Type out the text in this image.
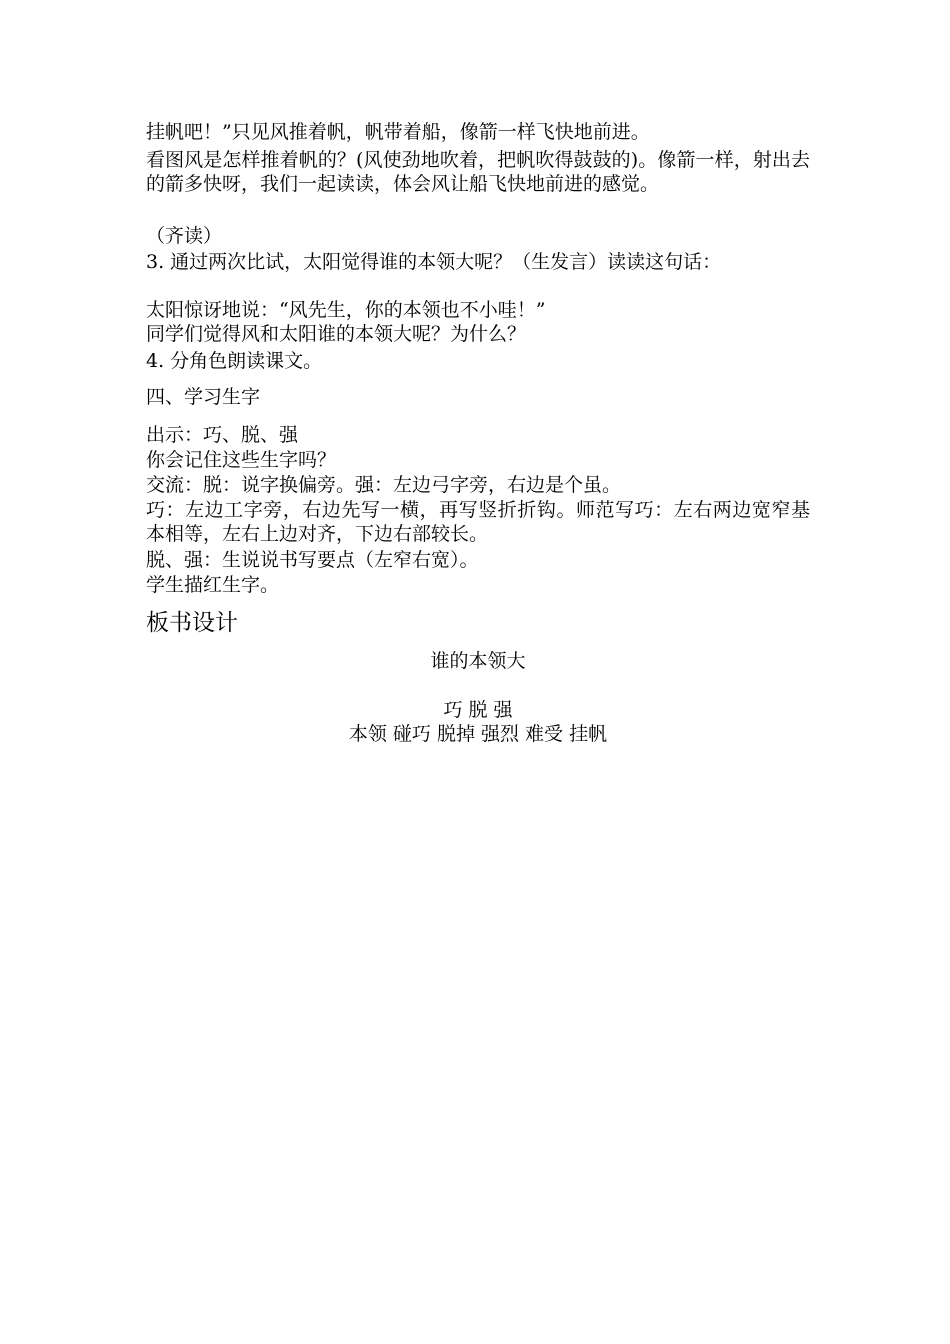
挂帆吧！”只见风推着帆，帆带着船，像箭一样飞快地前进。

看图风是怎样推着帆的？(风使劲地吹着，把帆吹得鼓鼓的)。像箭一样，射出去的箭多快呀，我们一起读读，体会风让船飞快地前进的感觉。

（齐读）

3. 通过两次比试，太阳觉得谁的本领大呢？（生发言）读读这句话：

太阳惊讶地说：“风先生，你的本领也不小哇！”

同学们觉得风和太阳谁的本领大呢？为什么？

4. 分角色朗读课文。

四、学习生字

出示：巧、脱、强

你会记住这些生字吗？

交流：脱：说字换偏旁。强：左边弓字旁，右边是个虽。

巧：左边工字旁，右边先写一横，再写竖折折钩。师范写巧：左右两边宽窄基本相等，左右上边对齐，下边右部较长。

脱、强：生说说书写要点（左窄右宽）。

学生描红生字。

板书设计

谁的本领大

巧 脱 强

本领 碰巧 脱掉 强烈 难受 挂帆
